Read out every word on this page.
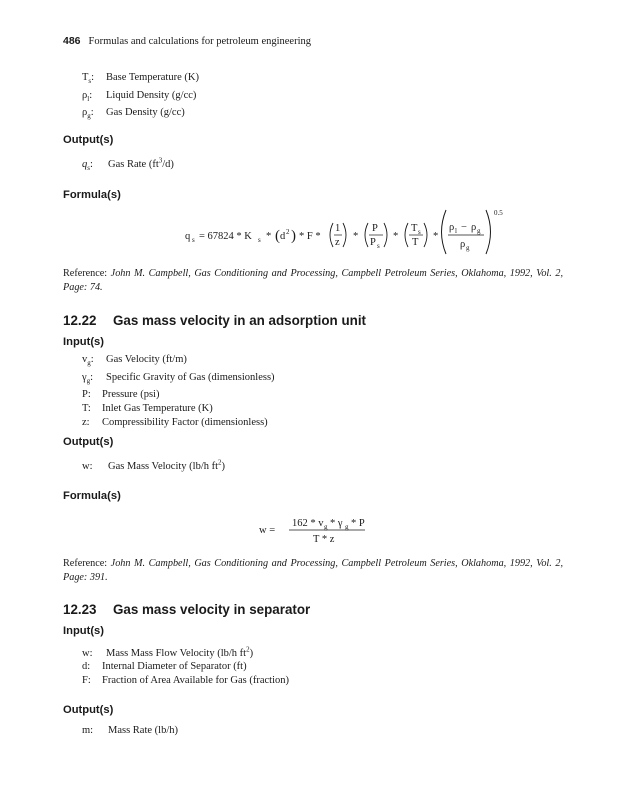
486 Formulas and calculations for petroleum engineering
$T_s$: Base Temperature (K)
$\rho_l$: Liquid Density (g/cc)
$\rho_g$: Gas Density (g/cc)
Output(s)
$q_s$: Gas Rate $(ft^3/d)$
Formula(s)
q s = 67824 * K s * ( d 2 ) * F *
1
z
*
P
P s
*
T s
T
*
ρ l − ρ g
ρ g
0.5
Reference: John M. Campbell, Gas Conditioning and Processing, Campbell Petroleum Series, Oklahoma, 1992, Vol. 2, Page: 74.
12.22 Gas mass velocity in an adsorption unit
Input(s)
$v_g$: Gas Velocity (ft/m)
$\gamma_g$: Specific Gravity of Gas (dimensionless)
P: Pressure (psi)
T: Inlet Gas Temperature (K)
z: Compressibility Factor (dimensionless)
Output(s)
w: Gas Mass Velocity (lb/h $ft^2$)
Formula(s)
w =
162 * v g * γ g * P
T * z
Reference: John M. Campbell, Gas Conditioning and Processing, Campbell Petroleum Series, Oklahoma, 1992, Vol. 2, Page: 391.
12.23 Gas mass velocity in separator
Input(s)
w: Mass Mass Flow Velocity (lb/h $ft^2$)
d: Internal Diameter of Separator (ft)
F: Fraction of Area Available for Gas (fraction)
Output(s)
m: Mass Rate (lb/h)
